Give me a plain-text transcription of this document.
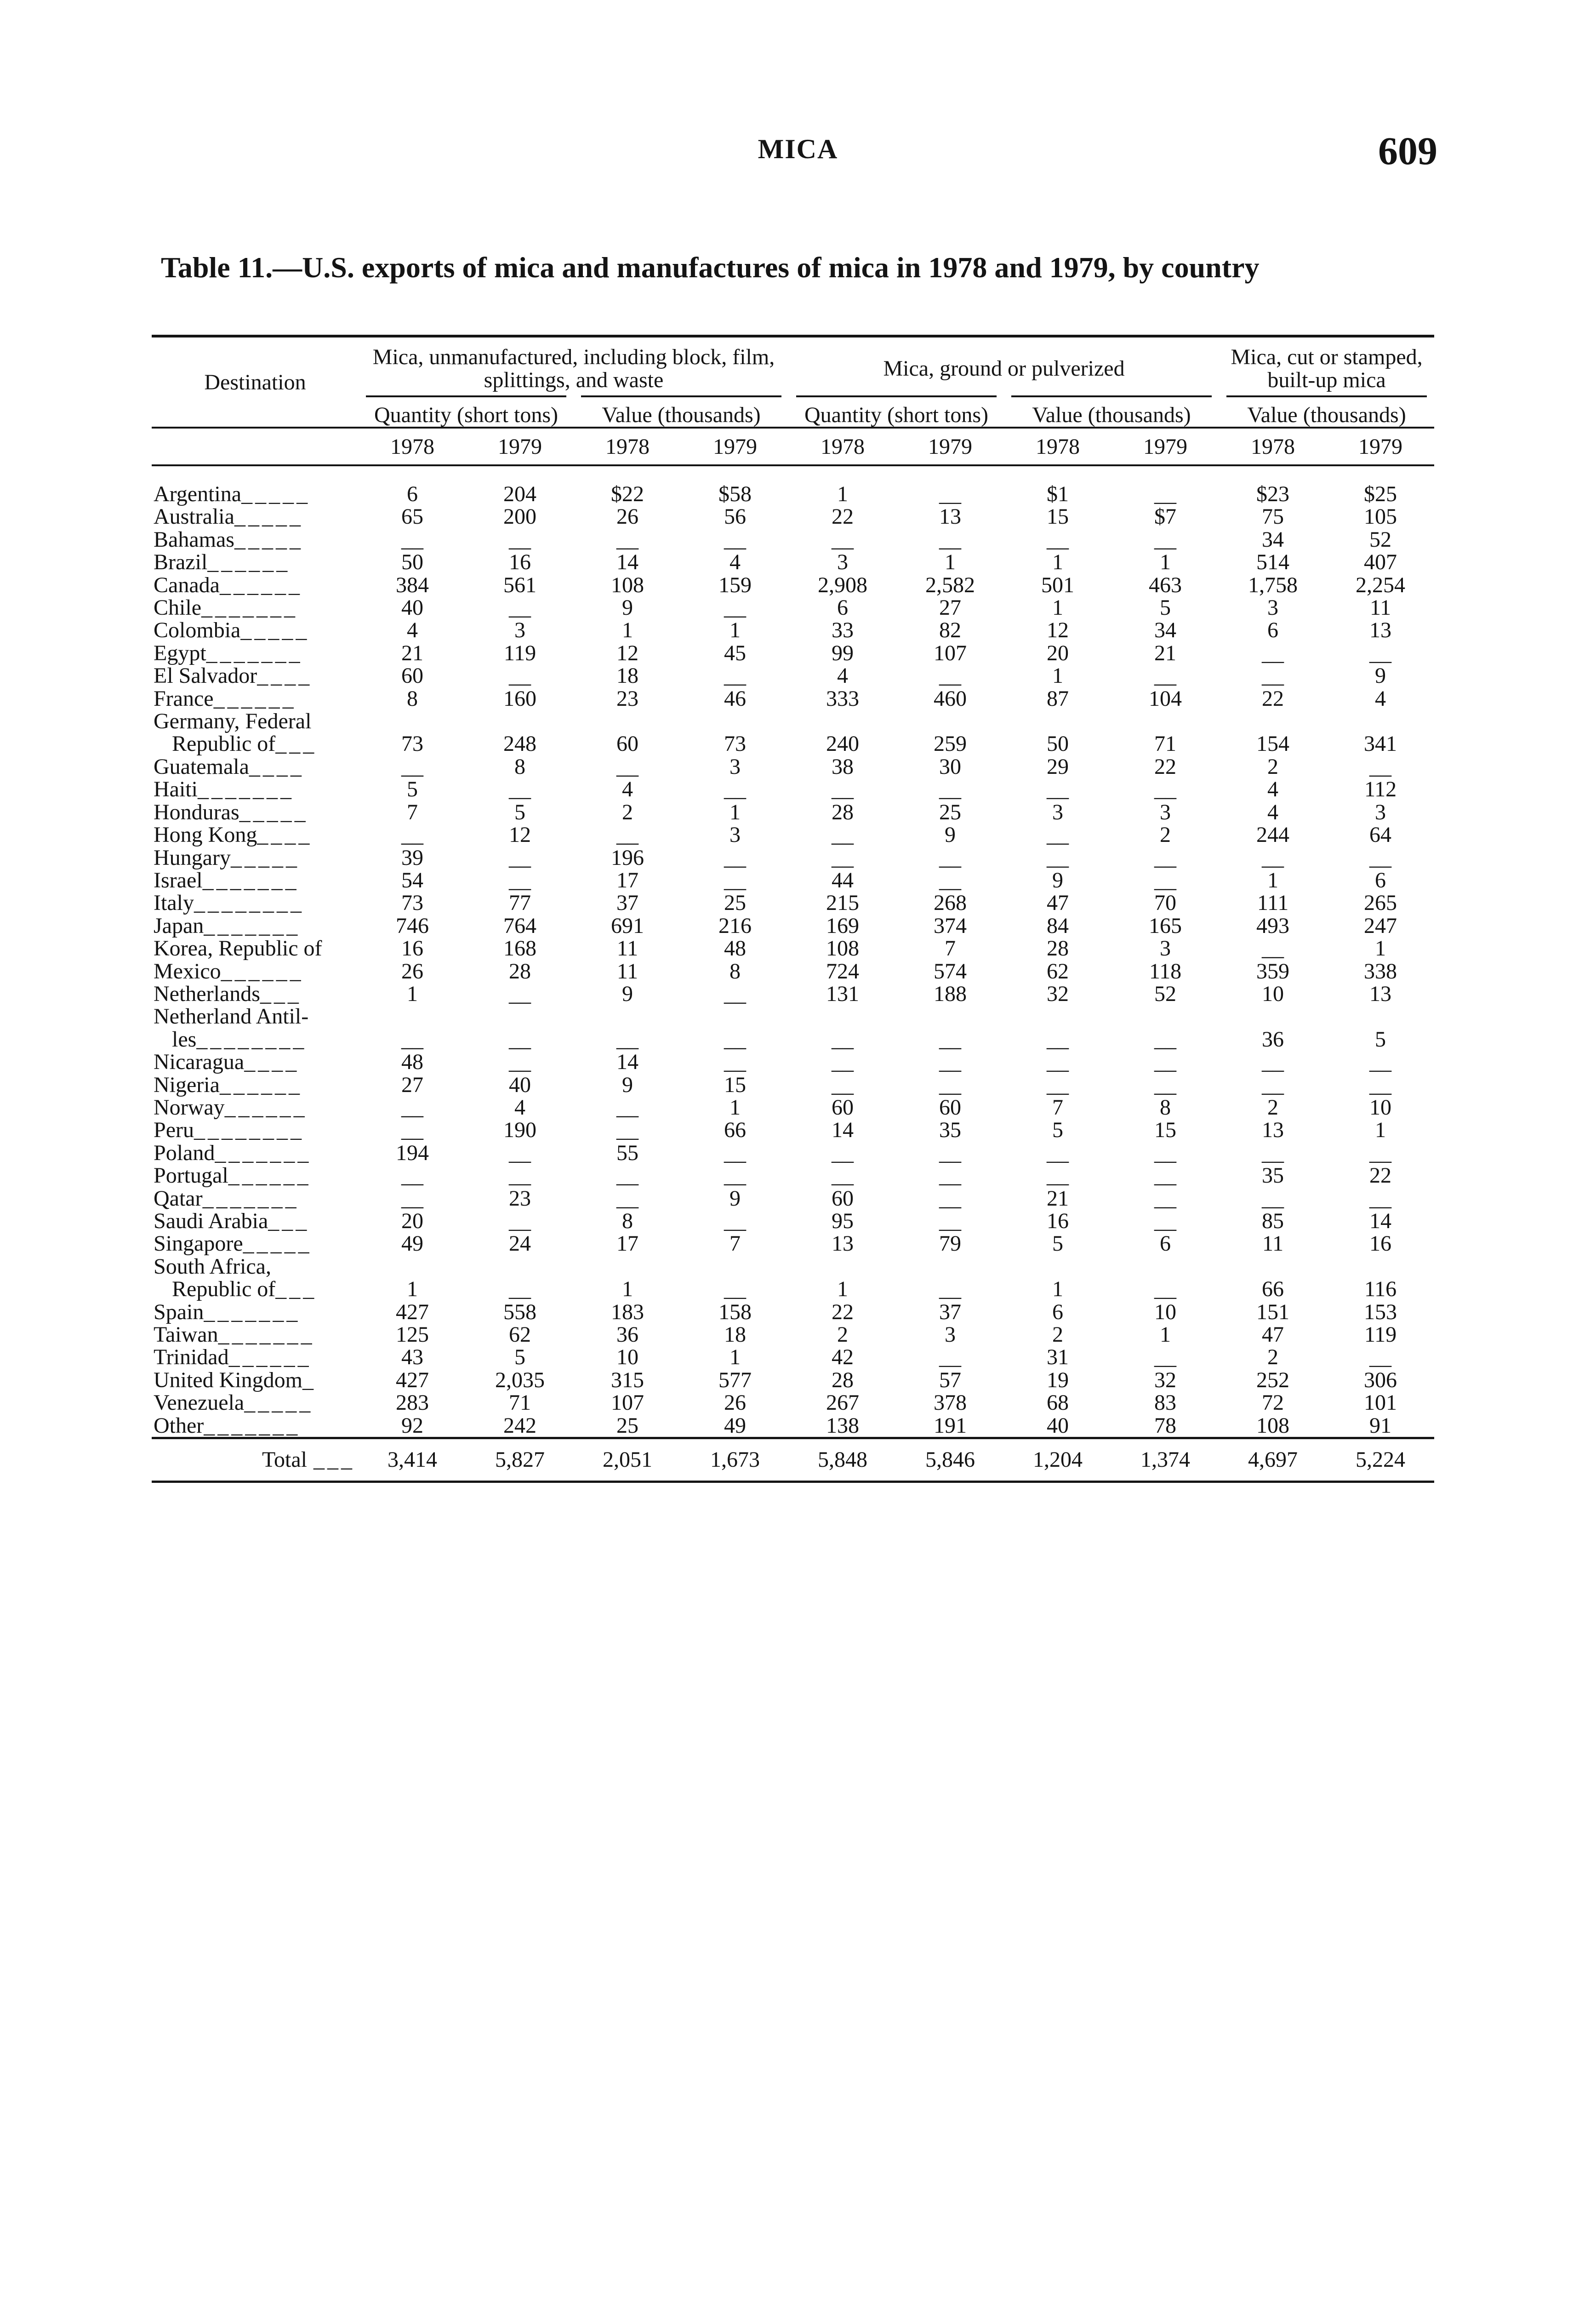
MICA	609
Table 11.—U.S. exports of mica and manufactures of mica in 1978 and 1979, by country
Destination	Mica, unmanufactured, including block, film, splittings, and waste				Mica, ground or pulverized				Mica, cut or stamped, built-up mica	

	Quantity (short tons)		Value (thousands)		Quantity (short tons)		Value (thousands)		Value (thousands)	

	1978	1979	1978	1979	1978	1979	1978	1979	1978	1979
Argentina_____	6	204	$22	$58	1	__	$1	__	$23	$25
Australia_____	65	200	26	56	22	13	15	$7	75	105
Bahamas_____	__	__	__	__	__	__	__	__	34	52
Brazil______	50	16	14	4	3	1	1	1	514	407
Canada______	384	561	108	159	2,908	2,582	501	463	1,758	2,254
Chile_______	40	__	9	__	6	27	1	5	3	11
Colombia_____	4	3	1	1	33	82	12	34	6	13
Egypt_______	21	119	12	45	99	107	20	21	__	__
El Salvador____	60	__	18	__	4	__	1	__	__	9
France______	8	160	23	46	333	460	87	104	22	4
Germany, Federal										
Republic of___	73	248	60	73	240	259	50	71	154	341
Guatemala____	__	8	__	3	38	30	29	22	2	__
Haiti_______	5	__	4	__	__	__	__	__	4	112
Honduras_____	7	5	2	1	28	25	3	3	4	3
Hong Kong____	__	12	__	3	__	9	__	2	244	64
Hungary_____	39	__	196	__	__	__	__	__	__	__
Israel_______	54	__	17	__	44	__	9	__	1	6
Italy________	73	77	37	25	215	268	47	70	111	265
Japan_______	746	764	691	216	169	374	84	165	493	247
Korea, Republic of	16	168	11	48	108	7	28	3	__	1
Mexico______	26	28	11	8	724	574	62	118	359	338
Netherlands___	1	__	9	__	131	188	32	52	10	13
Netherland Antil-										
les________	__	__	__	__	__	__	__	__	36	5
Nicaragua____	48	__	14	__	__	__	__	__	__	__
Nigeria______	27	40	9	15	__	__	__	__	__	__
Norway______	__	4	__	1	60	60	7	8	2	10
Peru________	__	190	__	66	14	35	5	15	13	1
Poland_______	194	__	55	__	__	__	__	__	__	__
Portugal______	__	__	__	__	__	__	__	__	35	22
Qatar_______	__	23	__	9	60	__	21	__	__	__
Saudi Arabia___	20	__	8	__	95	__	16	__	85	14
Singapore_____	49	24	17	7	13	79	5	6	11	16
South Africa,										
Republic of___	1	__	1	__	1	__	1	__	66	116
Spain_______	427	558	183	158	22	37	6	10	151	153
Taiwan_______	125	62	36	18	2	3	2	1	47	119
Trinidad______	43	5	10	1	42	__	31	__	2	__
United Kingdom_	427	2,035	315	577	28	57	19	32	252	306
Venezuela_____	283	71	107	26	267	378	68	83	72	101
Other_______	92	242	25	49	138	191	40	78	108	91

Total ___	3,414	5,827	2,051	1,673	5,848	5,846	1,204	1,374	4,697	5,224
